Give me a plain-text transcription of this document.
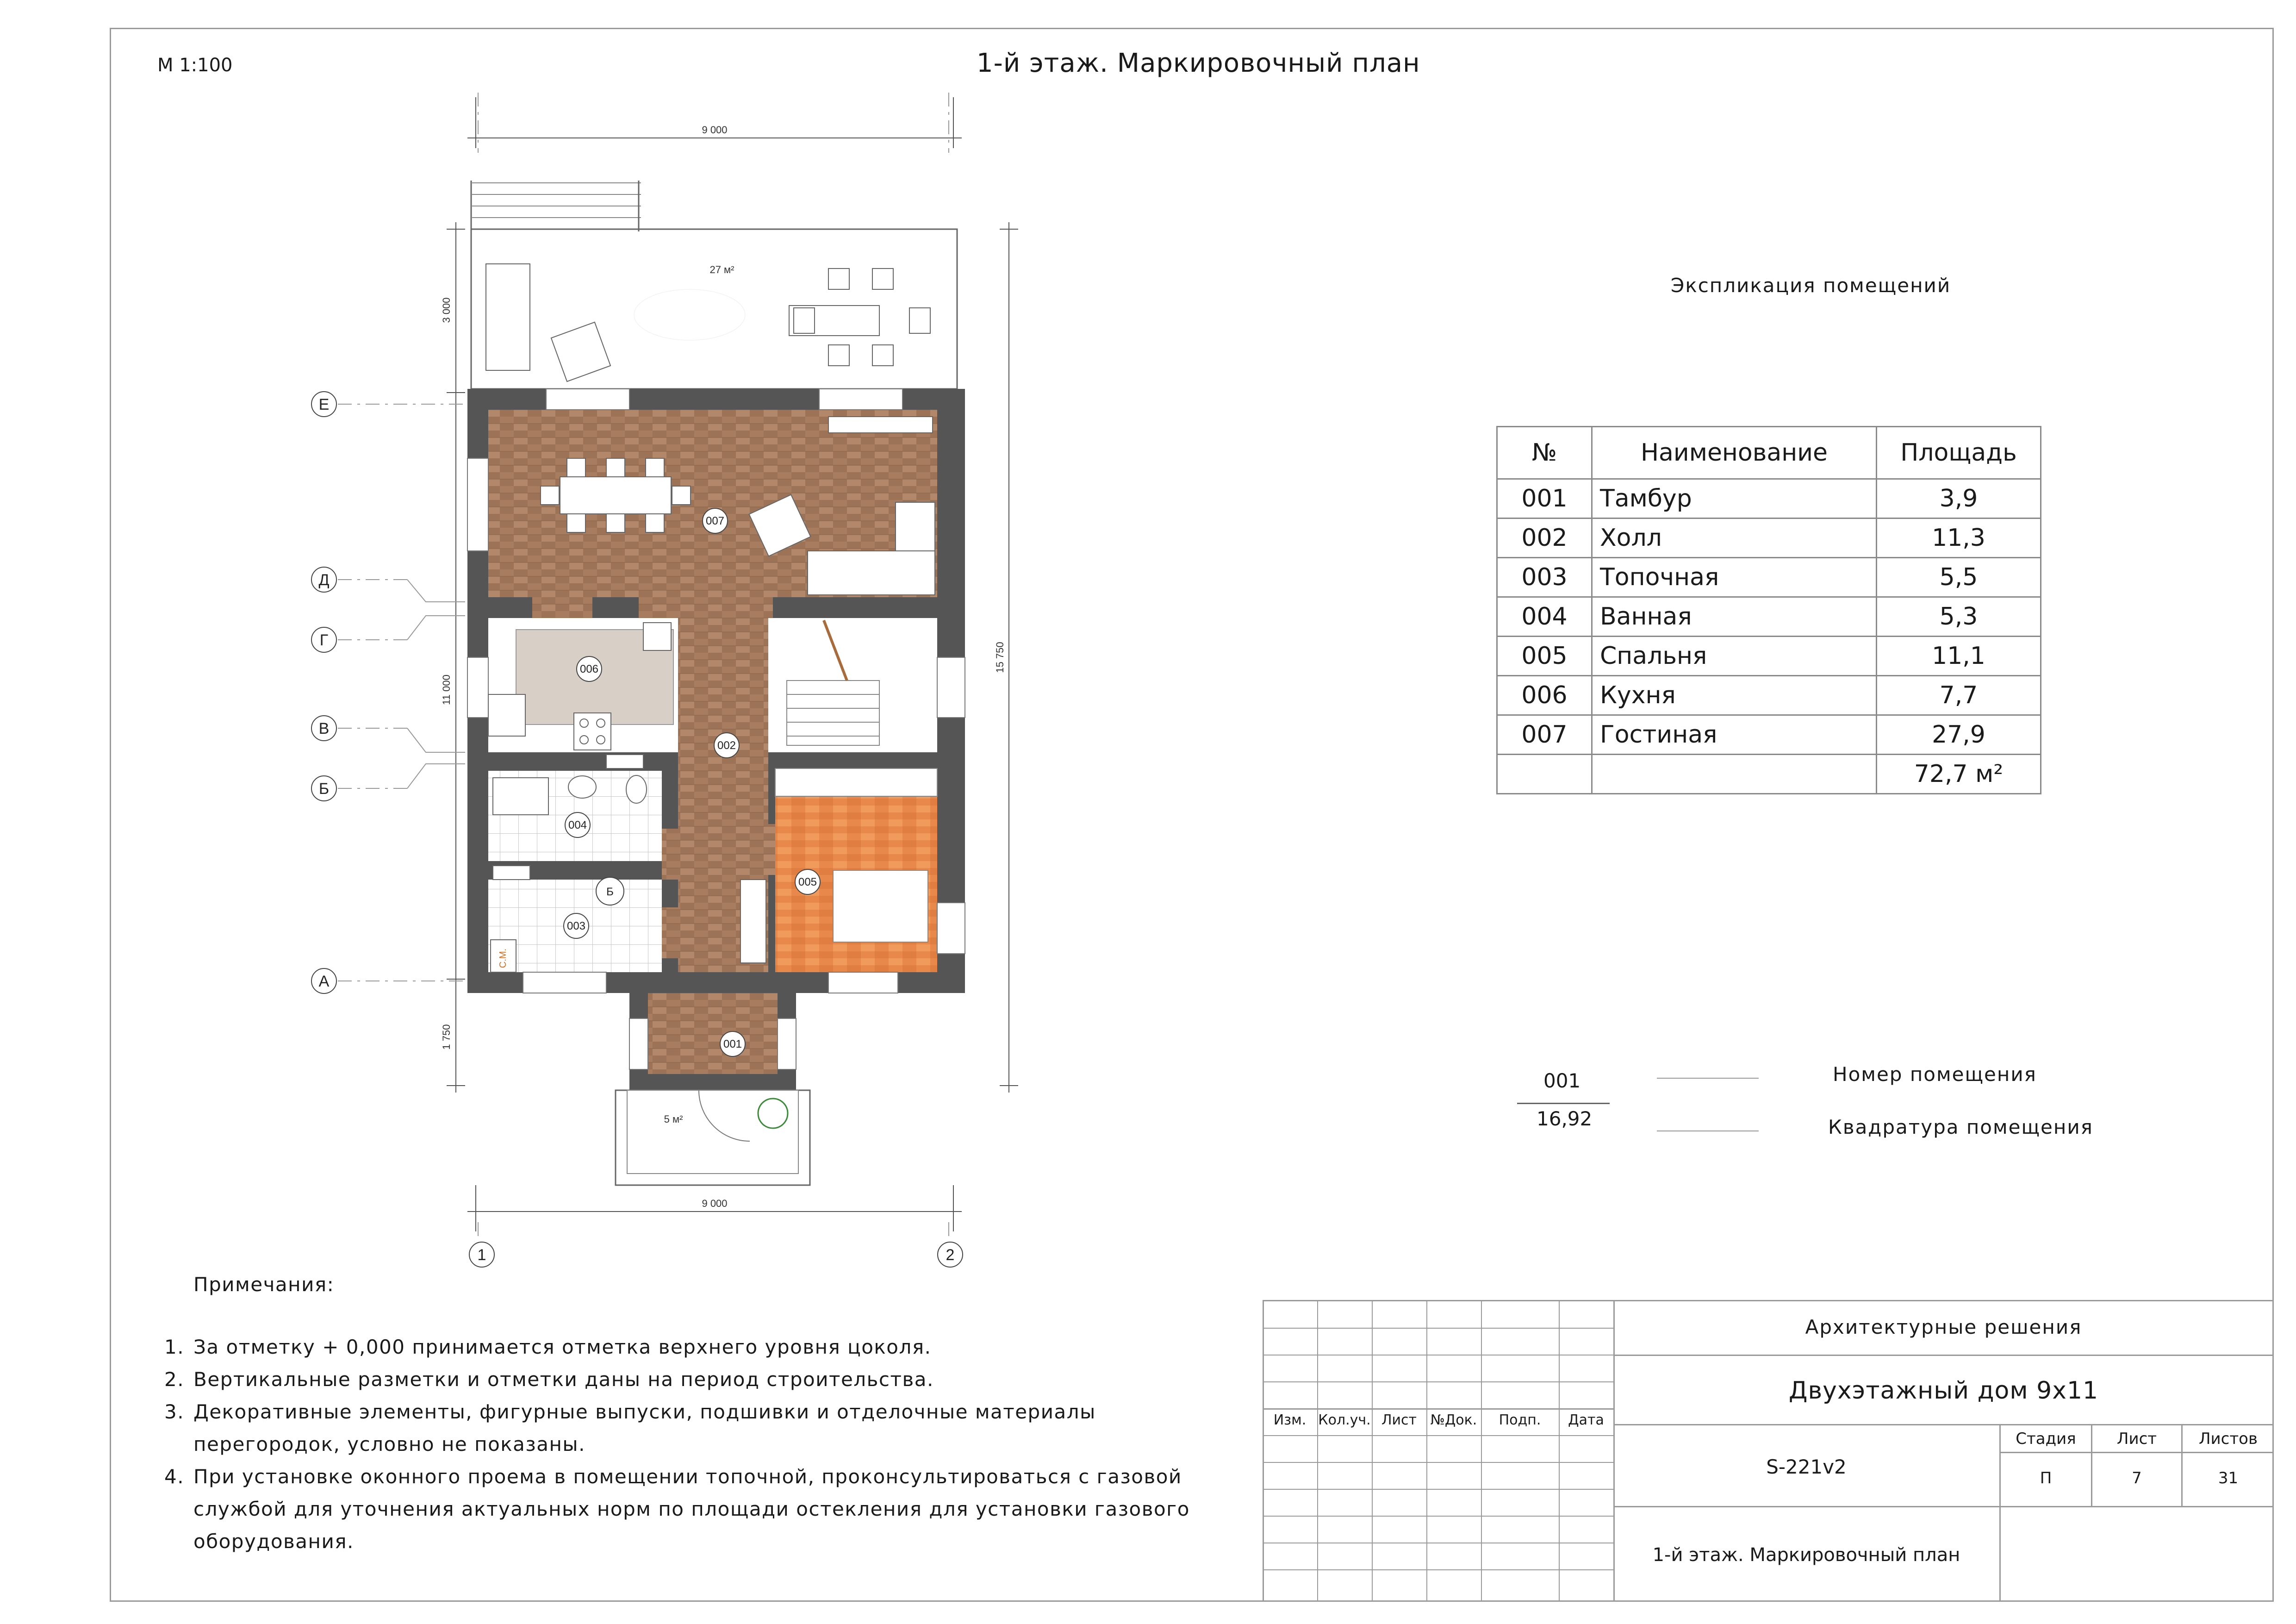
М 1:100	1-й этаж. Маркировочный план
9 000
9 000
3 000
11 000
1 750
15 750
27 м²
5 м²
007
006
002
004
003
005
001
Б
С.М.
Е
Д
Г
В
Б
А
1	2
Экспликация помещений
№	Наименование	Площадь
001	Тамбур	3,9
002	Холл	11,3
003	Топочная	5,5
004	Ванная	5,3
005	Спальня	11,1
006	Кухня	7,7
007	Гостиная	27,9
		72,7 м²
001
16,92
Номер помещения
Квадратура помещения
Примечания:
1. За отметку + 0,000 принимается отметка верхнего уровня цоколя.
2. Вертикальные разметки и отметки даны на период строительства.
3. Декоративные элементы, фигурные выпуски, подшивки и отделочные материалы
перегородок, условно не показаны.
4. При установке оконного проема в помещении топочной, проконсультироваться с газовой
службой для уточнения актуальных норм по площади остекления для установки газового
оборудования.
Изм. Кол.уч. Лист №Док.	Подп.	Дата
Архитектурные решения
Двухэтажный дом 9х11
S-221v2
Стадия	Лист	Листов
П	7	31
1-й этаж. Маркировочный план
